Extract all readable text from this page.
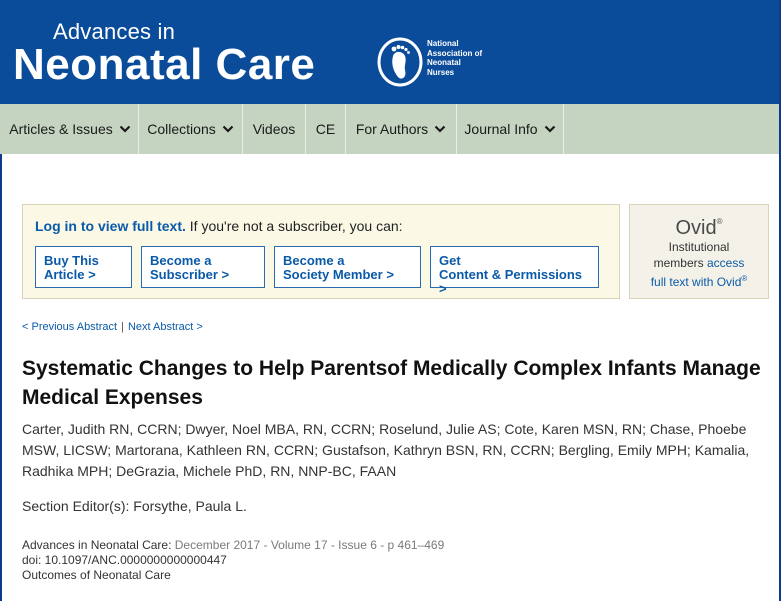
Advances in
Neonatal Care	National
Association of
Neonatal
Nurses
Articles & Issues Collections	Videos CE For Authors	Journal Info
Log in to view full text. If you're not a subscriber, you can:
Buy This
Article >
Become a
Subscriber >
Become a
Society Member >
Get
Content & Permissions >
Ovid®
Institutional
members access
full text with Ovid®
< Previous Abstract | Next Abstract >
Systematic Changes to Help Parentsof Medically Complex Infants Manage Medical Expenses
Carter, Judith RN, CCRN; Dwyer, Noel MBA, RN, CCRN; Roselund, Julie AS; Cote, Karen MSN, RN; Chase, Phoebe MSW, LICSW; Martorana, Kathleen RN, CCRN; Gustafson, Kathryn BSN, RN, CCRN; Bergling, Emily MPH; Kamalia, Radhika MPH; DeGrazia, Michele PhD, RN, NNP-BC, FAAN
Section Editor(s): Forsythe, Paula L.
Advances in Neonatal Care: December 2017 - Volume 17 - Issue 6 - p 461–469
doi: 10.1097/ANC.0000000000000447
Outcomes of Neonatal Care
